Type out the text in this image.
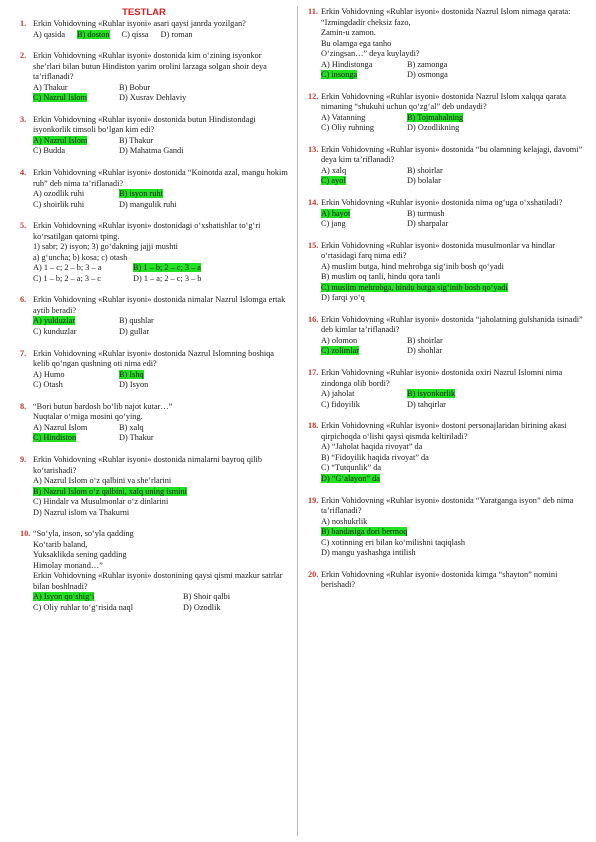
TESTLAR
1. Erkin Vohidovning «Ruhlar isyoni» asari qaysi janrda yozilgan?
A) qasida B) doston C) qissa D) roman
2. Erkin Vohidovning «Ruhlar isyoni» dostonida kim o‘zining isyonkor she’rlari bilan butun Hindiston yarim orolini larzaga solgan shoir deya ta’riflanadi?
A) Thakur	B) Bobur
C) Nazrul Islom	D) Xusrav Dehlaviy
3. Erkin Vohidovning «Ruhlar isyoni» dostonida butun Hindistondagi isyonkorlik timsoli bo‘lgan kim edi?
A) Nazrul Islom	B) Thakur
C) Budda	D) Mahatma Gandi
4. Erkin Vohidovning «Ruhlar isyoni» dostonida “Koinotda azal, mangu hokim ruh” deb nima ta’riflanadi?
A) ozodlik ruhi	B) isyon ruhi
C) shoirlik ruhi	D) mangulik ruhi
5. Erkin Vohidovning «Ruhlar isyoni» dostonidagi o‘xshatishlar to‘g‘ri ko‘rsatilgan qatorni tping.
1) sabr; 2) isyon; 3) go‘dakning jajji mushti
a) g‘uncha; b) kosa; c) otash
A) 1 – c; 2 – b; 3 – a	B) 1 – b; 2 – c; 3 – a
C) 1 – b; 2 – a; 3 – c	D) 1 – a; 2 – c; 3 – b
6. Erkin Vohidovning «Ruhlar isyoni» dostonida nimalar Nazrul Islomga ertak aytib beradi?
A) yulduzlar	B) qushlar
C) kunduzlar	D) gullar
7. Erkin Vohidovning «Ruhlar isyoni» dostonida Nazrul Islomning boshiqa kelib qo‘ngan qushning oti nima edi?
A) Humo	B) Ishq
C) Otash	D) Isyon
8. “Bori butun bardosh bo‘lib najot kutar…”
Nuqtalar o‘rniga mosini qo‘ying.
A) Nazrul Islom	B) xalq
C) Hindiston	D) Thakur
9. Erkin Vohidovning «Ruhlar isyoni» dostonida nimalarni bayroq qilib ko‘tarishadi?
A) Nazrul Islom o‘z qalbini va she’rlarini
B) Nazrul Islom o‘z qalbini, xalq uning ismini
C) Hindalr va Musulmonlar o‘z dinlarini
D) Nazrul islom va Thakurni
10. “So‘yla, inson, so‘yla qadding
Ko‘tarib baland,
Yuksaklikda sening qadding
Himolay monand…”
Erkin Vohidovning «Ruhlar isyoni» dostonining qaysi qismi mazkur satrlar bilan boshlnadi?
A) Isyon qo‘shig‘i	B) Shoir qalbi
C) Oliy ruhlar to‘g‘risida naql	D) Ozodlik
11. Erkin Vohidovning «Ruhlar isyoni» dostonida Nazrul Islom nimaga qarata:
“Izmingdadir cheksiz fazo,
Zamin-u zamon.
Bu olamga ega tanho
O‘zingsan…” deya kuylaydi?
A) Hindistonga	B) zamonga
C) insonga	D) osmonga
12. Erkin Vohidovning «Ruhlar isyoni» dostonida Nazrul Islom xalqqa qarata nimaning “shukuhi uchun qo‘zg‘al” deb undaydi?
A) Vatanning	B) Tojmahalning
C) Oliy ruhning	D) Ozodlikning
13. Erkin Vohidovning «Ruhlar isyoni» dostonida “bu olamning kelajagi, davomi” deya kim ta’riflanadi?
A) xalq	B) shoirlar
C) ayol	D) bolalar
14. Erkin Vohidovning «Ruhlar isyoni» dostonida nima og‘uga o‘xshatiladi?
A) hayot	B) turmush
C) jang	D) sharpalar
15. Erkin Vohidovning «Ruhlar isyoni» dostonida musulmonlar va hindlar o‘rtasidagi farq nima edi?
A) muslim butga, hind mehrobga sig‘inib bosh qo‘yadi
B) muslim oq tanli, hindu qora tanli
C) muslim mehrobga, hindu butga sig‘inib bosh qo‘yadi
D) farqi yo‘q
16. Erkin Vohidovning «Ruhlar isyoni» dostonida “jaholatning gulshanida isinadi” deb kimlar ta’riflanadi?
A) olomon	B) shoirlar
C) zolimlar	D) shohlar
17. Erkin Vohidovning «Ruhlar isyoni» dostonida oxiri Nazrul Islomni nima zindonga olib bordi?
A) jaholat	B) isyonkorlik
C) fidoyilik	D) tahqirlar
18. Erkin Vohidovning «Ruhlar isyoni» dostoni personajlaridan birining akasi qirpichoqda o‘lishi qaysi qismda keltiriladi?
A) “Jaholat haqida rivoyat” da
B) “Fidoyilik haqida rivoyat” da
C) “Tutqunlik” da
D) “G‘alayon” da
19. Erkin Vohidovning «Ruhlar isyoni» dostonida “Yaratganga isyon” deb nima ta’riflanadi?
A) noshukrlik
B) bandasiga dori bermoq
C) xotinning eri bilan ko‘milishni taqiqlash
D) mangu yashashga intilish
20. Erkin Vohidovning «Ruhlar isyoni» dostonida kimga “shayton” nomini berishadi?
